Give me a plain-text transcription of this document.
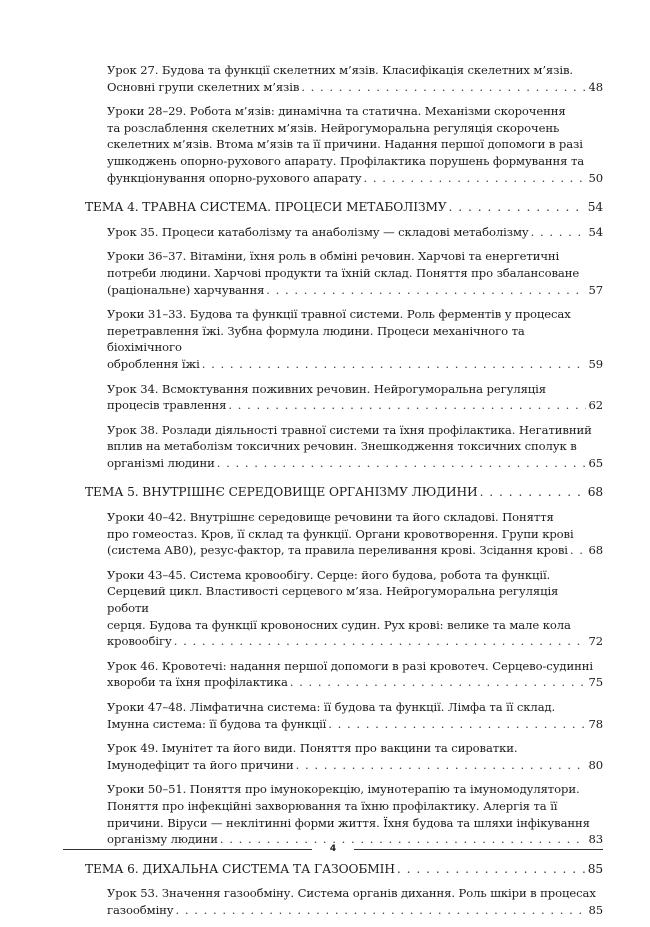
Урок 27. Будова та функції скелетних м’язів. Класифікація скелетних м’язів.
Основні групи скелетних м’язів . . .	48
Уроки 28–29. Робота м’язів: динамічна та статична. Механізми скорочення
та розслаблення скелетних м’язів. Нейрогуморальна регуляція скорочень
скелетних м’язів. Втома м’язів та її причини. Надання першої допомоги в разі
ушкоджень опорно-рухового апарату. Профілактика порушень формування та
функціонування опорно-рухового апарату . . .	50
ТЕМА 4. ТРАВНА СИСТЕМА. ПРОЦЕСИ МЕТАБОЛІЗМУ . . .	54
Урок 35. Процеси катаболізму та анаболізму — складові метаболізму . . .	54
Уроки 36–37. Вітаміни, їхня роль в обміні речовин. Харчові та енергетичні
потреби людини. Харчові продукти та їхній склад. Поняття про збалансоване
(раціональне) харчування . . .	57
Уроки 31–33. Будова та функції травної системи. Роль ферментів у процесах
перетравлення їжі. Зубна формула людини. Процеси механічного та біохімічного
оброблення їжі . . .	59
Урок 34. Всмоктування поживних речовин. Нейрогуморальна регуляція
процесів травлення . . .	62
Урок 38. Розлади діяльності травної системи та їхня профілактика. Негативний
вплив на метаболізм токсичних речовин. Знешкодження токсичних сполук в
організмі людини . . .	65
ТЕМА 5. ВНУТРІШНЄ СЕРЕДОВИЩЕ ОРГАНІЗМУ ЛЮДИНИ . . .	68
Уроки 40–42. Внутрішнє середовище речовини та його складові. Поняття
про гомеостаз. Кров, її склад та функції. Органи кровотворення. Групи крові
(система АВ0), резус-фактор, та правила переливання крові. Зсідання крові . . . 68
Уроки 43–45. Система кровообігу. Серце: його будова, робота та функції.
Серцевий цикл. Властивості серцевого м’яза. Нейрогуморальна регуляція роботи
серця. Будова та функції кровоносних судин. Рух крові: велике та мале кола
кровообігу . . .	72
Урок 46. Кровотечі: надання першої допомоги в разі кровотеч. Серцево-судинні
хвороби та їхня профілактика . . .	75
Уроки 47–48. Лімфатична система: її будова та функції. Лімфа та її склад.
Імунна система: її будова та функції . . .	78
Урок 49. Імунітет та його види. Поняття про вакцини та сироватки.
Імунодефіцит та його причини . . .	80
Уроки 50–51. Поняття про імунокорекцію, імунотерапію та імуномодулятори.
Поняття про інфекційні захворювання та їхню профілактику. Алергія та її
причини. Віруси — неклітинні форми життя. Їхня будова та шляхи інфікування
організму людини . . .	83
ТЕМА 6. ДИХАЛЬНА СИСТЕМА ТА ГАЗООБМІН . . .	85
Урок 53. Значення газообміну. Система органів дихання. Роль шкіри в процесах
газообміну . . .	85
4
